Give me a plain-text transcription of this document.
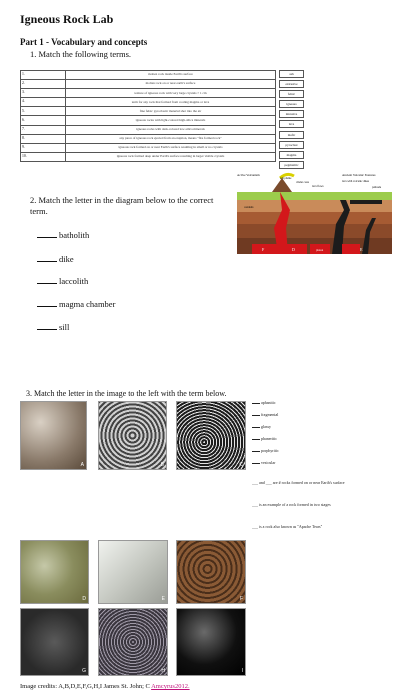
Igneous Rock Lab
Part 1 - Vocabulary and concepts
1. Match the following terms.
1.	molten rock inside Earth's surface
2.	molten rock on or near earth's surface
3.	texture of igneous rock with very large crystals > 1 cm
4.	term for any rock that formed from cooling magma or lava
5.	fine felsic pyroclastic material shot into the air
6.	igneous rocks with light-colored high-silica minerals
7.	igneous rocks with dark-colored low-silica minerals
8.	any piece of igneous rock ejected from an eruption, means "fire formed rock"
9.	igneous rock formed on or near Earth's surface resulting in small or no crystals
10.	igneous rock formed deep under Earth's surface resulting in larger visible crystals
ash
extrusive
felsic
igneous
intrusive
lava
mafic
pyroclast
magma
pegmatitic
Active Volcanism	Ancient Volcanic Features
ash plume
cinder cone
lava flows
lava with volcanic dikes
palisade
D
F	E
pluton
conduits
2. Match the letter in the diagram below to the correct term.
batholith
dike
laccolith
magma chamber
sill
3. Match the letter in the image to the left with the term below.
A	B	C
aphanitic
fragmental
glassy
phaneritic
porphyritic
vesicular
___ and ___ are # rocks formed on or near Earth's surface
___ is an example of a rock formed in two stages
___ is a rock also known as "Apache Tears"
D	E	F
G	H	I
Image credits: A,B,D,E,F,G,H,I James St. John; C Amcyrus2012.
